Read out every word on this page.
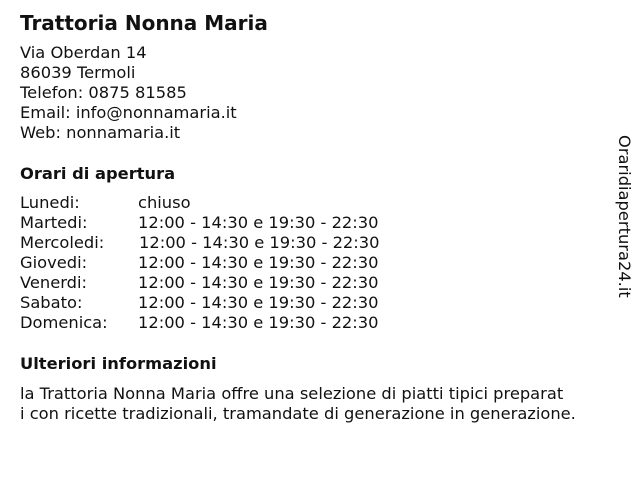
Trattoria Nonna Maria
Via Oberdan 14
86039 Termoli
Telefon: 0875 81585
Email: info@nonnamaria.it
Web: nonnamaria.it
Orari di apertura
Lunedi:	chiuso
Martedi:	12:00 - 14:30 e 19:30 - 22:30
Mercoledi: 12:00 - 14:30 e 19:30 - 22:30
Giovedi:	12:00 - 14:30 e 19:30 - 22:30
Venerdi:	12:00 - 14:30 e 19:30 - 22:30
Sabato:	12:00 - 14:30 e 19:30 - 22:30
Domenica: 12:00 - 14:30 e 19:30 - 22:30
Ulteriori informazioni
la Trattoria Nonna Maria offre una selezione di piatti tipici preparat
i con ricette tradizionali, tramandate di generazione in generazione.
Oraridiapertura24.it
